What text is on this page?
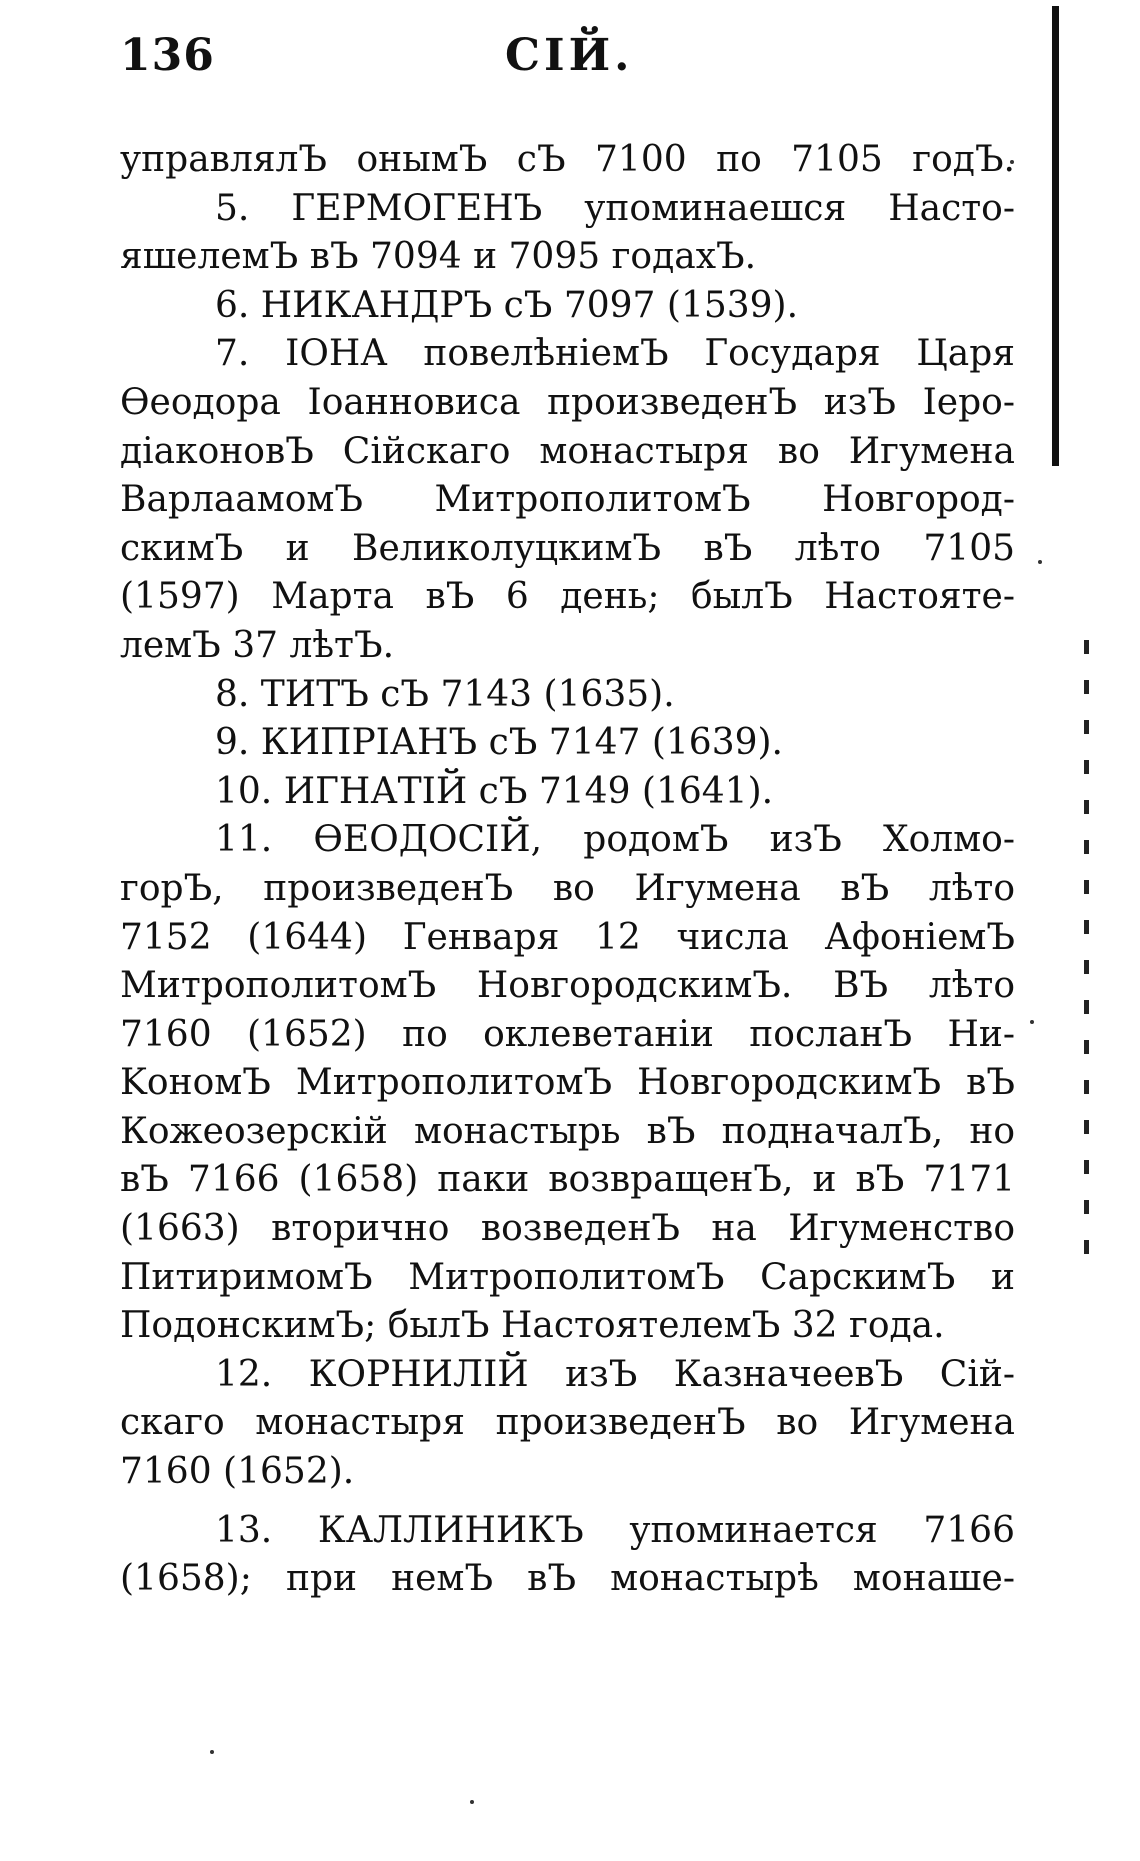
136	СІЙ.
управлялЪ онымЪ сЪ 7100 по 7105 годЪ.
5. ГЕРМОГЕНЪ упоминаешся Насто-
яшелемЪ вЪ 7094 и 7095 годахЪ.
6. НИКАНДРЪ сЪ 7097 (1539).
7. ІОНА повелѣніемЪ Государя Царя
Өеодора Іоанновиса произведенЪ изЪ Іеро-
діаконовЪ Сійскаго монастыря во Игумена
ВарлаамомЪ МитрополитомЪ Новгород-
скимЪ и ВеликолуцкимЪ вЪ лѣто 7105
(1597) Марта вЪ 6 день; былЪ Настояте-
лемЪ 37 лѣтЪ.
8. ТИТЪ сЪ 7143 (1635).
9. КИПРІАНЪ сЪ 7147 (1639).
10. ИГНАТІЙ сЪ 7149 (1641).
11. ӨЕОДОСІЙ, родомЪ изЪ Холмо-
горЪ, произведенЪ во Игумена вЪ лѣто
7152 (1644) Генваря 12 числа АфоніемЪ
МитрополитомЪ НовгородскимЪ. ВЪ лѣто
7160 (1652) по оклеветаніи посланЪ Ни-
KономЪ МитрополитомЪ НовгородскимЪ вЪ
Кожеозерскій монастырь вЪ подначалЪ, но
вЪ 7166 (1658) паки возвращенЪ, и вЪ 7171
(1663) вторично возведенЪ на Игуменство
ПитиримомЪ МитрополитомЪ СарскимЪ и
ПодонскимЪ; былЪ НастоятелемЪ 32 года.
12. КОРНИЛІЙ изЪ КазначеевЪ Сій-
скаго монастыря произведенЪ во Игумена
7160 (1652).
13. КАЛЛИНИКЪ упоминается 7166
(1658); при немЪ вЪ монастырѣ монаше-
